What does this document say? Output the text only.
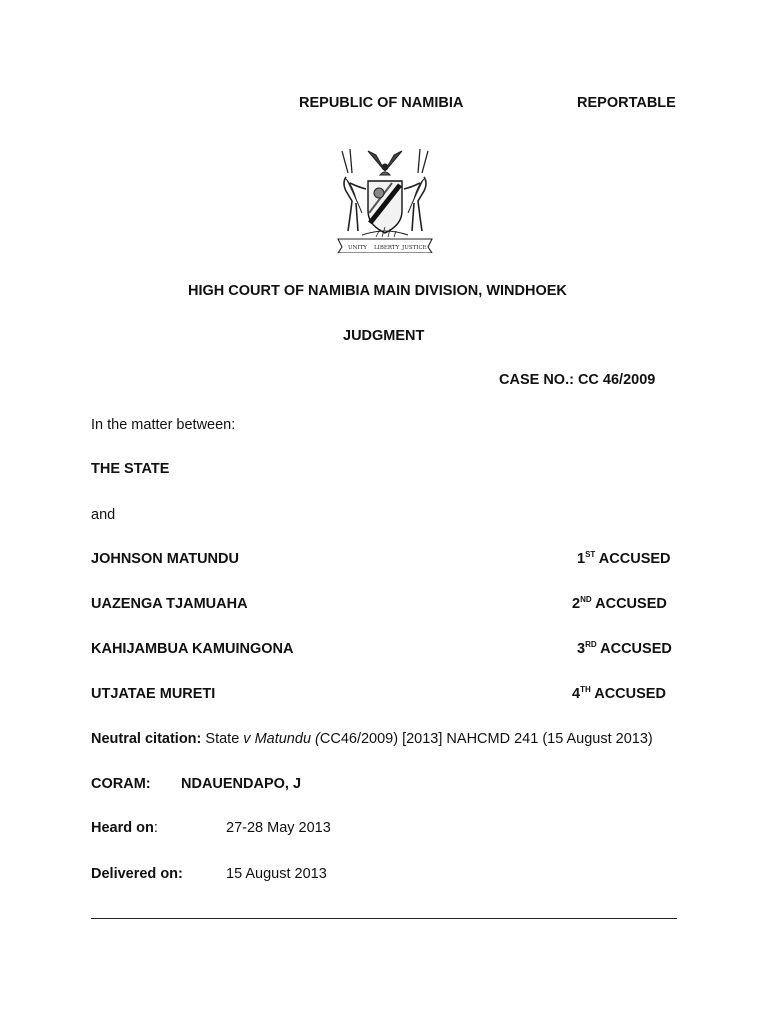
REPUBLIC OF NAMIBIA	REPORTABLE
UNITY LIBERTY JUSTICE
HIGH COURT OF NAMIBIA MAIN DIVISION, WINDHOEK
JUDGMENT
CASE NO.: CC 46/2009
In the matter between:
THE STATE
and
JOHNSON MATUNDU	1ST ACCUSED
UAZENGA TJAMUAHA	2ND ACCUSED
KAHIJAMBUA KAMUINGONA	3RD ACCUSED
UTJATAE MURETI	4TH ACCUSED
Neutral citation: State v Matundu (CC46/2009) [2013] NAHCMD 241 (15 August 2013)
CORAM: NDAUENDAPO, J
Heard on:	27-28 May 2013
Delivered on:	15 August 2013
